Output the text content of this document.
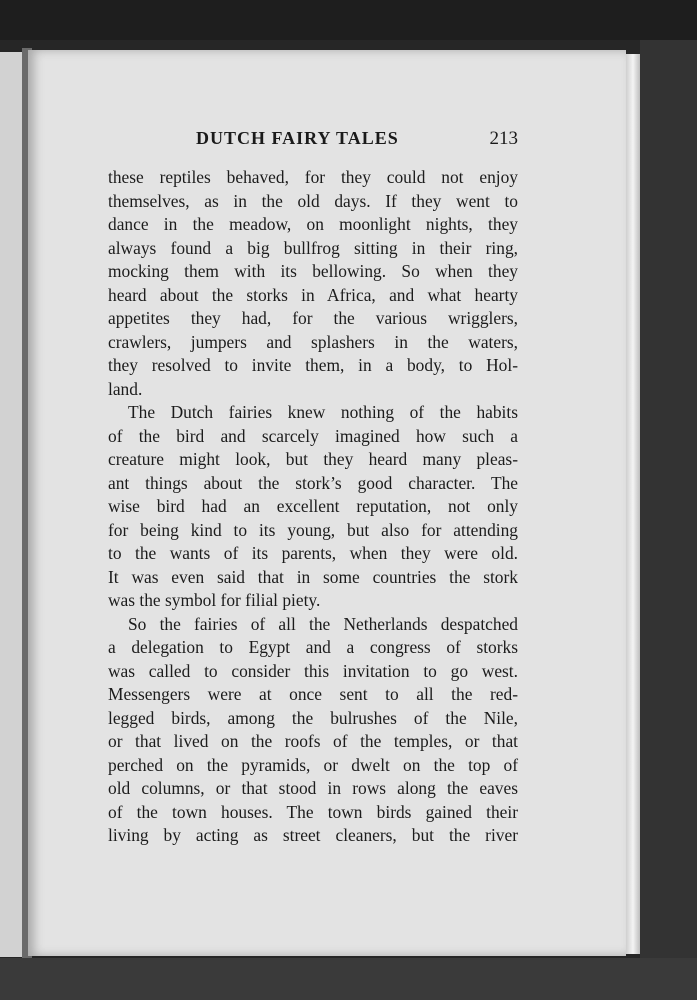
DUTCH FAIRY TALES	213
these reptiles behaved, for they could not enjoy
themselves, as in the old days. If they went to
dance in the meadow, on moonlight nights, they
always found a big bullfrog sitting in their ring,
mocking them with its bellowing. So when they
heard about the storks in Africa, and what hearty
appetites they had, for the various wrigglers,
crawlers, jumpers and splashers in the waters,
they resolved to invite them, in a body, to Hol-
land.
The Dutch fairies knew nothing of the habits
of the bird and scarcely imagined how such a
creature might look, but they heard many pleas-
ant things about the stork’s good character. The
wise bird had an excellent reputation, not only
for being kind to its young, but also for attending
to the wants of its parents, when they were old.
It was even said that in some countries the stork
was the symbol for filial piety.
So the fairies of all the Netherlands despatched
a delegation to Egypt and a congress of storks
was called to consider this invitation to go west.
Messengers were at once sent to all the red-
legged birds, among the bulrushes of the Nile,
or that lived on the roofs of the temples, or that
perched on the pyramids, or dwelt on the top of
old columns, or that stood in rows along the eaves
of the town houses. The town birds gained their
living by acting as street cleaners, but the river
